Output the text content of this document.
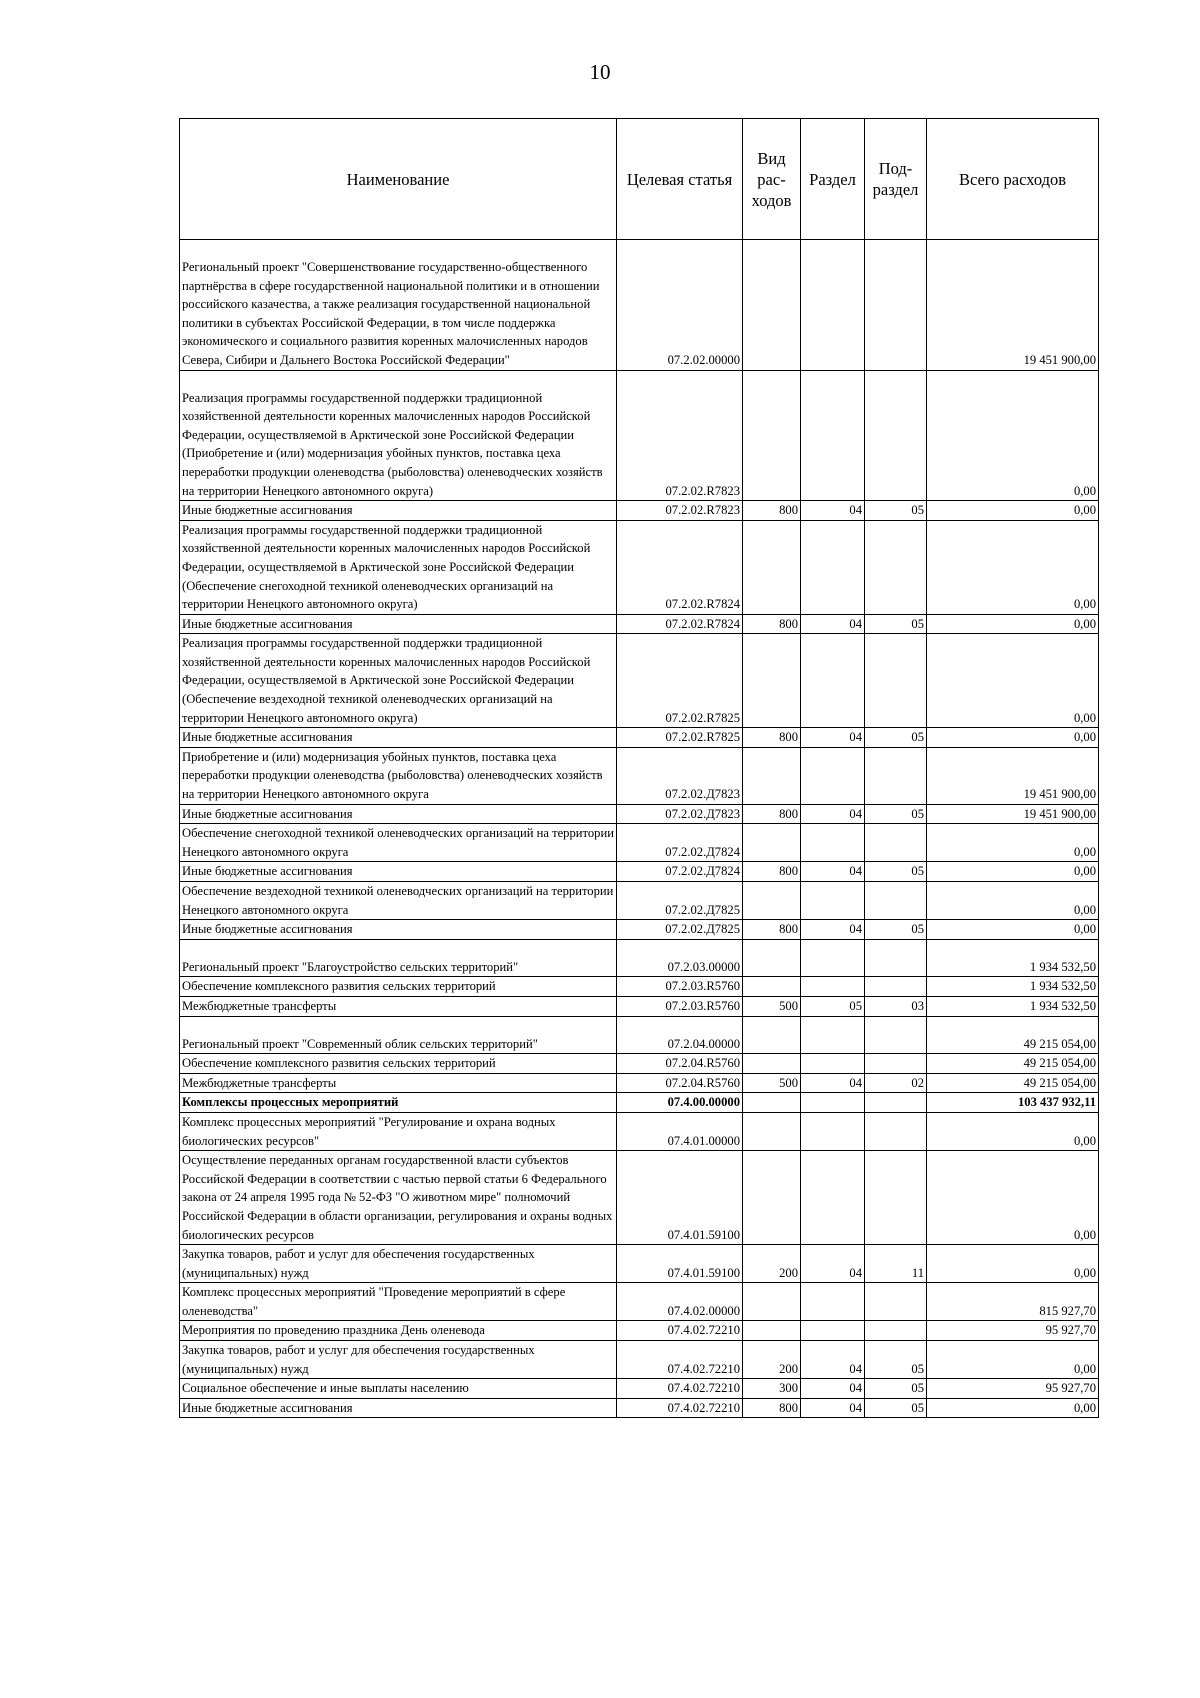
10
Наименование	Целевая статья	Вид рас-ходов	Раздел	Под-раздел	Всего расходов
Региональный проект "Совершенствование государственно-общественного партнёрства в сфере государственной национальной политики и в отношении российского казачества, а также реализация государственной национальной политики в субъектах Российской Федерации, в том числе поддержка экономического и социального развития коренных малочисленных народов Севера, Сибири и Дальнего Востока Российской Федерации"	07.2.02.00000				19 451 900,00
Реализация программы государственной поддержки традиционной хозяйственной деятельности коренных малочисленных народов Российской Федерации, осуществляемой в Арктической зоне Российской Федерации (Приобретение и (или) модернизация убойных пунктов, поставка цеха переработки продукции оленеводства (рыболовства) оленеводческих хозяйств на территории Ненецкого автономного округа)	07.2.02.R7823				0,00
Иные бюджетные ассигнования	07.2.02.R7823	800	04	05	0,00
Реализация программы государственной поддержки традиционной хозяйственной деятельности коренных малочисленных народов Российской Федерации, осуществляемой в Арктической зоне Российской Федерации (Обеспечение снегоходной техникой оленеводческих организаций на территории Ненецкого автономного округа)	07.2.02.R7824				0,00
Иные бюджетные ассигнования	07.2.02.R7824	800	04	05	0,00
Реализация программы государственной поддержки традиционной хозяйственной деятельности коренных малочисленных народов Российской Федерации, осуществляемой в Арктической зоне Российской Федерации (Обеспечение вездеходной техникой оленеводческих организаций на территории Ненецкого автономного округа)	07.2.02.R7825				0,00
Иные бюджетные ассигнования	07.2.02.R7825	800	04	05	0,00
Приобретение и (или) модернизация убойных пунктов, поставка цеха переработки продукции оленеводства (рыболовства) оленеводческих хозяйств на территории Ненецкого автономного округа	07.2.02.Д7823				19 451 900,00
Иные бюджетные ассигнования	07.2.02.Д7823	800	04	05	19 451 900,00
Обеспечение снегоходной техникой оленеводческих организаций на территории Ненецкого автономного округа	07.2.02.Д7824				0,00
Иные бюджетные ассигнования	07.2.02.Д7824	800	04	05	0,00
Обеспечение вездеходной техникой оленеводческих организаций на территории Ненецкого автономного округа	07.2.02.Д7825				0,00
Иные бюджетные ассигнования	07.2.02.Д7825	800	04	05	0,00
Региональный проект "Благоустройство сельских территорий"	07.2.03.00000				1 934 532,50
Обеспечение комплексного развития сельских территорий	07.2.03.R5760				1 934 532,50
Межбюджетные трансферты	07.2.03.R5760	500	05	03	1 934 532,50
Региональный проект "Современный облик сельских территорий"	07.2.04.00000				49 215 054,00
Обеспечение комплексного развития сельских территорий	07.2.04.R5760				49 215 054,00
Межбюджетные трансферты	07.2.04.R5760	500	04	02	49 215 054,00
Комплексы процессных мероприятий	07.4.00.00000				103 437 932,11
Комплекс процессных мероприятий "Регулирование и охрана водных биологических ресурсов"	07.4.01.00000				0,00
Осуществление переданных органам государственной власти субъектов Российской Федерации в соответствии с частью первой статьи 6 Федерального закона от 24 апреля 1995 года № 52-ФЗ "О животном мире" полномочий Российской Федерации в области организации, регулирования и охраны водных биологических ресурсов	07.4.01.59100				0,00
Закупка товаров, работ и услуг для обеспечения государственных (муниципальных) нужд	07.4.01.59100	200	04	11	0,00
Комплекс процессных мероприятий "Проведение мероприятий в сфере оленеводства"	07.4.02.00000				815 927,70
Мероприятия по проведению праздника День оленевода	07.4.02.72210				95 927,70
Закупка товаров, работ и услуг для обеспечения государственных (муниципальных) нужд	07.4.02.72210	200	04	05	0,00
Социальное обеспечение и иные выплаты населению	07.4.02.72210	300	04	05	95 927,70
Иные бюджетные ассигнования	07.4.02.72210	800	04	05	0,00
